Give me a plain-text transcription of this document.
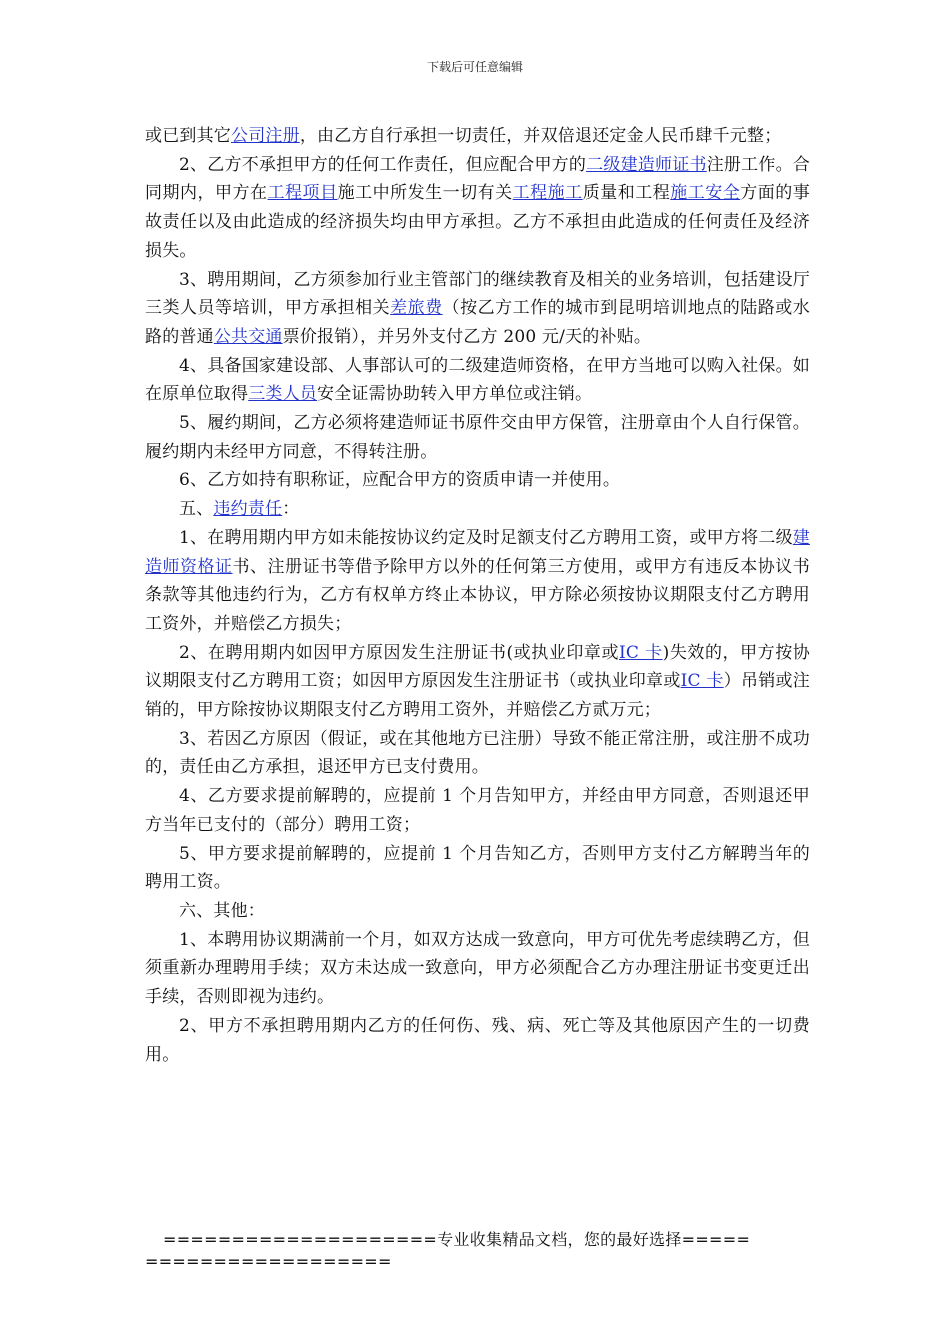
下载后可任意编辑

或已到其它公司注册，由乙方自行承担一切责任，并双倍退还定金人民币肆千元整；

2、乙方不承担甲方的任何工作责任，但应配合甲方的二级建造师证书注册工作。合同期内，甲方在工程项目施工中所发生一切有关工程施工质量和工程施工安全方面的事故责任以及由此造成的经济损失均由甲方承担。乙方不承担由此造成的任何责任及经济损失。

3、聘用期间，乙方须参加行业主管部门的继续教育及相关的业务培训，包括建设厅三类人员等培训，甲方承担相关差旅费（按乙方工作的城市到昆明培训地点的陆路或水路的普通公共交通票价报销），并另外支付乙方 200 元/天的补贴。

4、具备国家建设部、人事部认可的二级建造师资格，在甲方当地可以购入社保。如在原单位取得三类人员安全证需协助转入甲方单位或注销。

5、履约期间，乙方必须将建造师证书原件交由甲方保管，注册章由个人自行保管。履约期内未经甲方同意，不得转注册。

6、乙方如持有职称证，应配合甲方的资质申请一并使用。

五、违约责任：

1、在聘用期内甲方如未能按协议约定及时足额支付乙方聘用工资，或甲方将二级建造师资格证书、注册证书等借予除甲方以外的任何第三方使用，或甲方有违反本协议书条款等其他违约行为，乙方有权单方终止本协议，甲方除必须按协议期限支付乙方聘用工资外，并赔偿乙方损失；

2、在聘用期内如因甲方原因发生注册证书(或执业印章或IC 卡)失效的，甲方按协议期限支付乙方聘用工资；如因甲方原因发生注册证书（或执业印章或IC 卡）吊销或注销的，甲方除按协议期限支付乙方聘用工资外，并赔偿乙方贰万元；

3、若因乙方原因（假证，或在其他地方已注册）导致不能正常注册，或注册不成功的，责任由乙方承担，退还甲方已支付费用。

4、乙方要求提前解聘的，应提前 1 个月告知甲方，并经由甲方同意，否则退还甲方当年已支付的（部分）聘用工资；

5、甲方要求提前解聘的，应提前 1 个月告知乙方，否则甲方支付乙方解聘当年的聘用工资。

六、其他：

1、本聘用协议期满前一个月，如双方达成一致意向，甲方可优先考虑续聘乙方，但须重新办理聘用手续；双方未达成一致意向，甲方必须配合乙方办理注册证书变更迁出手续，否则即视为违约。

2、甲方不承担聘用期内乙方的任何伤、残、病、死亡等及其他原因产生的一切费用。

====================专业收集精品文档，您的最好选择=====
==================
